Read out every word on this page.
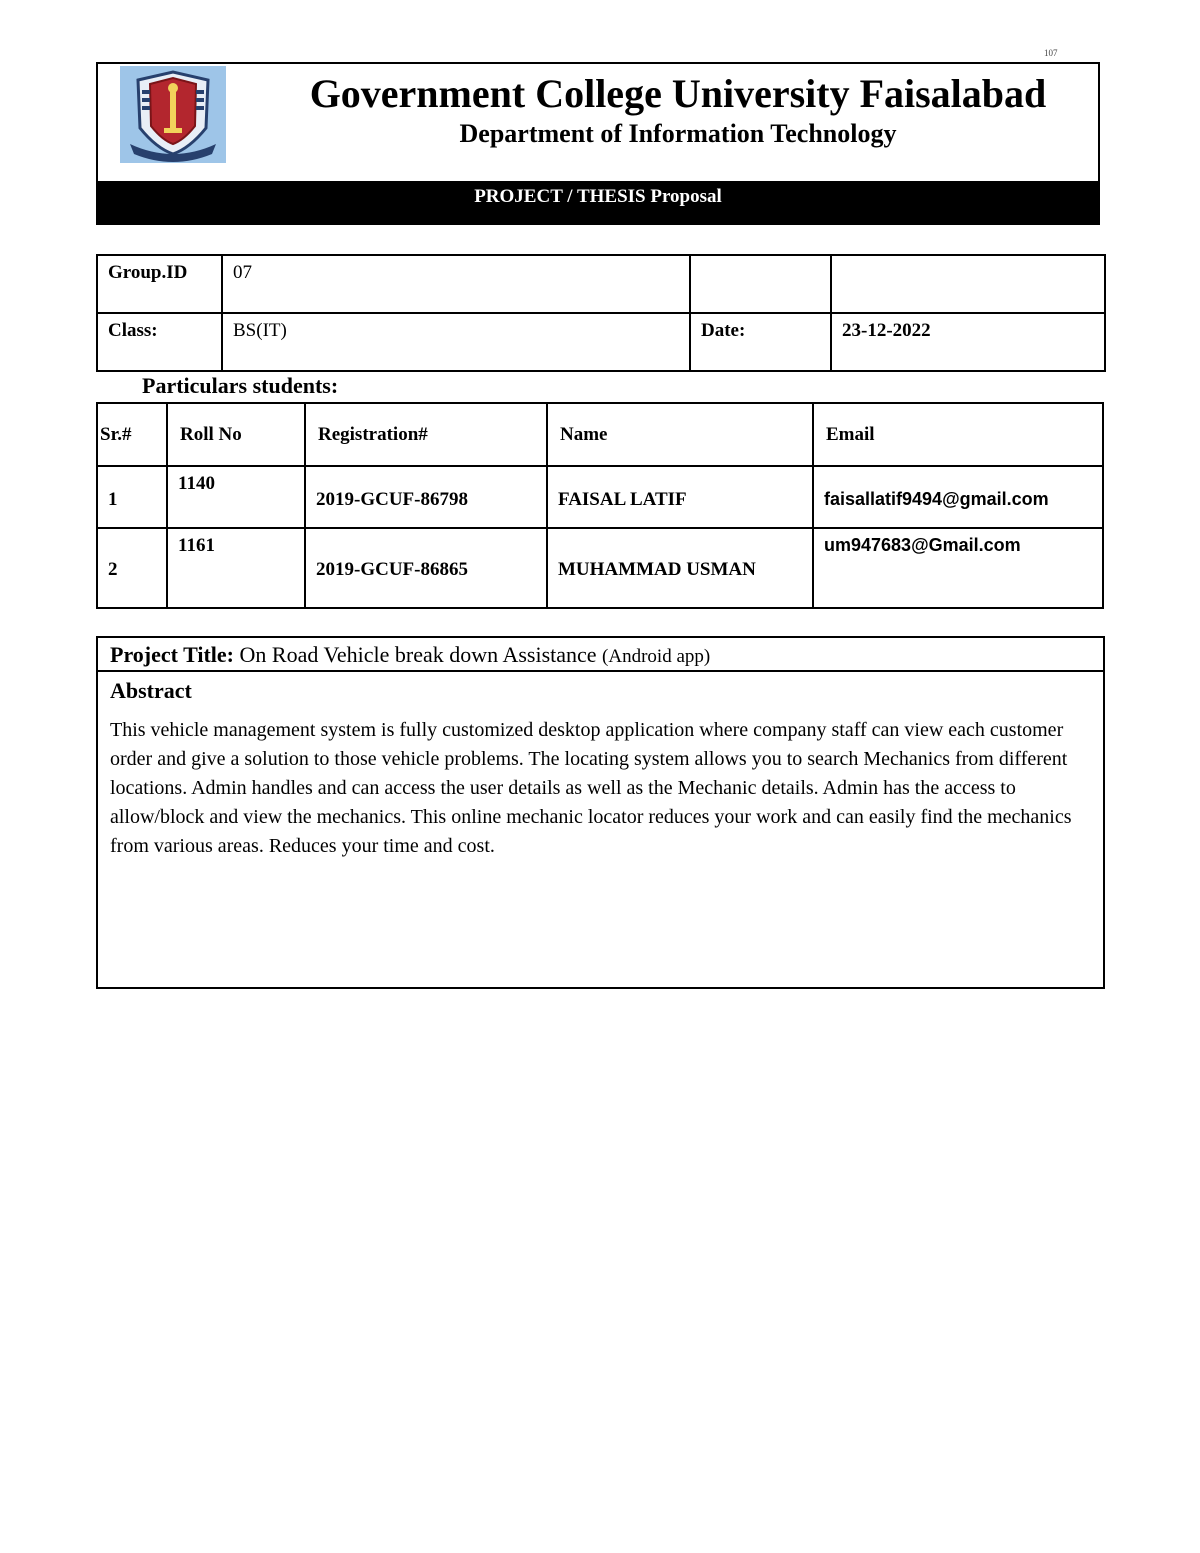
107
Government College University Faisalabad
Department of Information Technology
PROJECT / THESIS Proposal
Group.ID	07		
Class:	BS(IT)	Date:	23-12-2022
Particulars students:
Sr.#	Roll No	Registration#	Name	Email
1	1140	2019-GCUF-86798	FAISAL LATIF	faisallatif9494@gmail.com
2	1161	2019-GCUF-86865	MUHAMMAD USMAN	um947683@Gmail.com
Project Title: On Road Vehicle break down Assistance (Android app)
Abstract
This vehicle management system is fully customized desktop application where company staff can view each customer order and give a solution to those vehicle problems. The locating system allows you to search Mechanics from different locations. Admin handles and can access the user details as well as the Mechanic details. Admin has the access to allow/block and view the mechanics. This online mechanic locator reduces your work and can easily find the mechanics from various areas. Reduces your time and cost.
